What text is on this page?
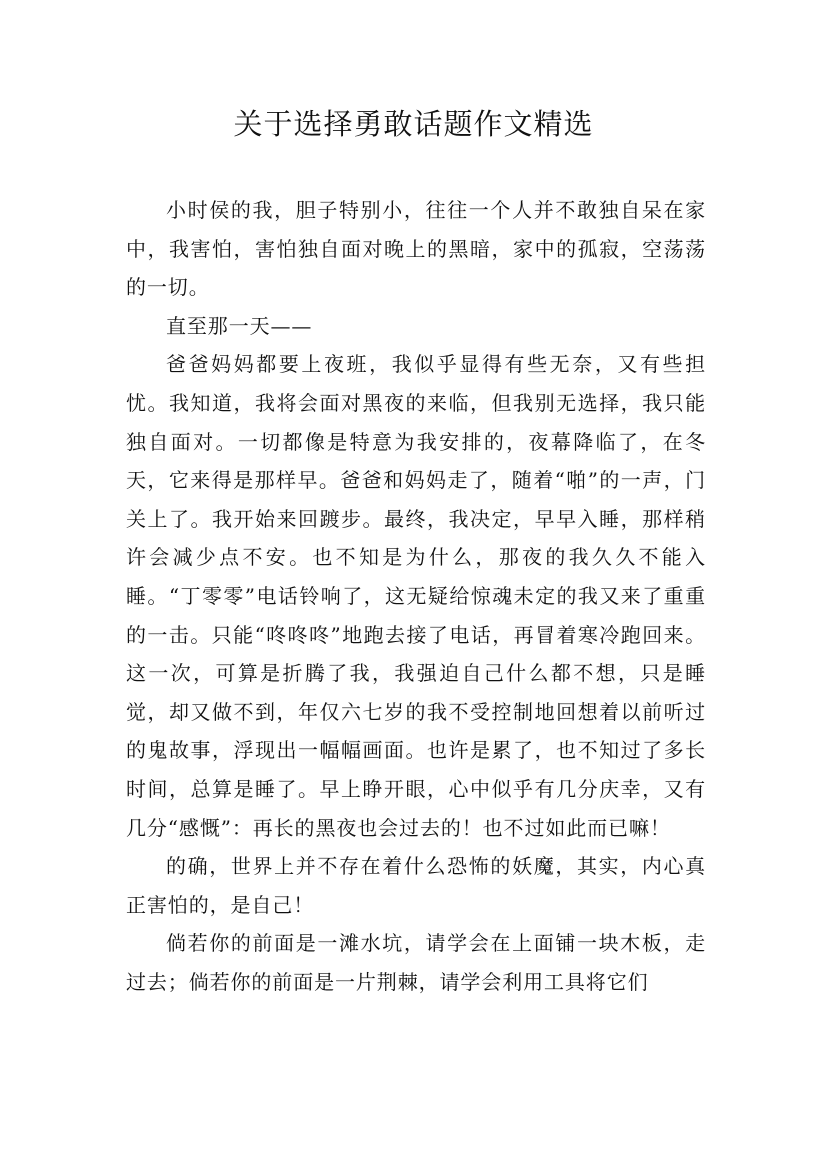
关于选择勇敢话题作文精选

小时侯的我，胆子特别小，往往一个人并不敢独自呆在家中，我害怕，害怕独自面对晚上的黑暗，家中的孤寂，空荡荡的一切。

直至那一天——

爸爸妈妈都要上夜班，我似乎显得有些无奈，又有些担忧。我知道，我将会面对黑夜的来临，但我别无选择，我只能独自面对。一切都像是特意为我安排的，夜幕降临了，在冬天，它来得是那样早。爸爸和妈妈走了，随着“啪”的一声，门关上了。我开始来回踱步。最终，我决定，早早入睡，那样稍许会减少点不安。也不知是为什么，那夜的我久久不能入睡。“丁零零”电话铃响了，这无疑给惊魂未定的我又来了重重的一击。只能“咚咚咚”地跑去接了电话，再冒着寒冷跑回来。这一次，可算是折腾了我，我强迫自己什么都不想，只是睡觉，却又做不到，年仅六七岁的我不受控制地回想着以前听过的鬼故事，浮现出一幅幅画面。也许是累了，也不知过了多长时间，总算是睡了。早上睁开眼，心中似乎有几分庆幸，又有几分“感慨”：再长的黑夜也会过去的！也不过如此而已嘛！

的确，世界上并不存在着什么恐怖的妖魔，其实，内心真正害怕的，是自己！

倘若你的前面是一滩水坑，请学会在上面铺一块木板，走过去；倘若你的前面是一片荆棘，请学会利用工具将它们
